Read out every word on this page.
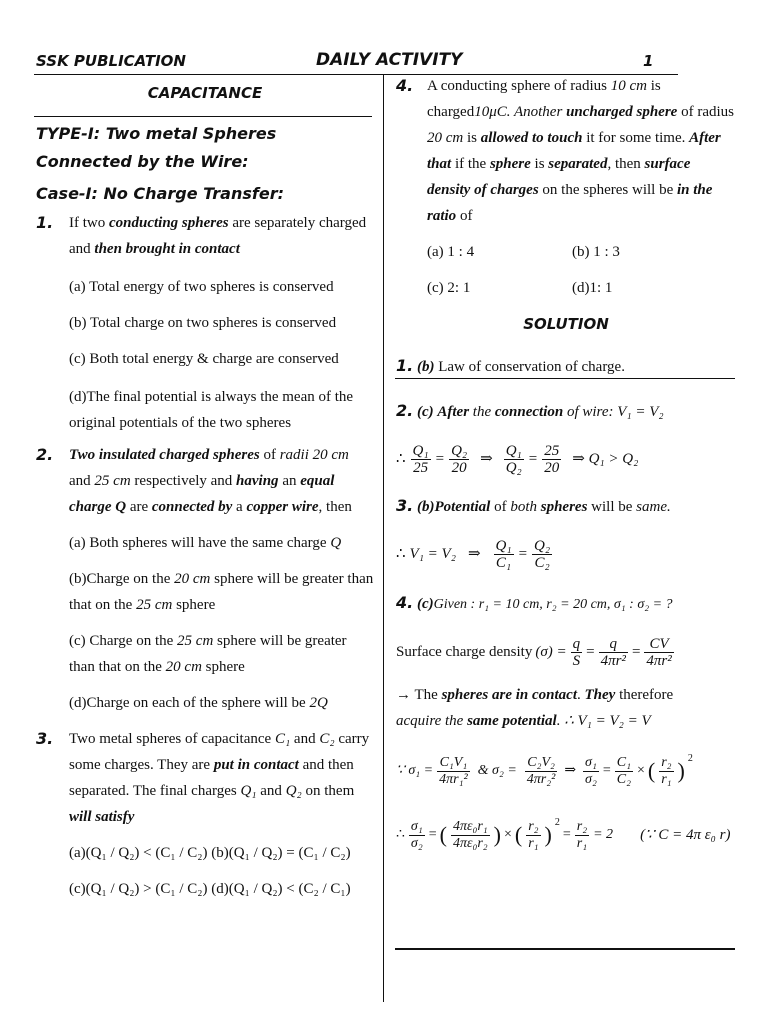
SSK PUBLICATION	DAILY ACTIVITY	1
CAPACITANCE
TYPE-I: Two metal Spheres Connected by the Wire:
Case-I: No Charge Transfer:
1. If two conducting spheres are separately charged and then brought in contact
(a) Total energy of two spheres is conserved
(b) Total charge on two spheres is conserved
(c) Both total energy & charge are conserved
(d)The final potential is always the mean of the original potentials of the two spheres
2. Two insulated charged spheres of radii 20 cm and 25 cm respectively and having an equal charge Q are connected by a copper wire, then
(a) Both spheres will have the same charge Q
(b)Charge on the 20 cm sphere will be greater than that on the 25 cm sphere
(c) Charge on the 25 cm sphere will be greater than that on the 20 cm sphere
(d)Charge on each of the sphere will be 2Q
3. Two metal spheres of capacitance C₁ and C₂ carry some charges. They are put in contact and then separated. The final charges Q₁ and Q₂ on them will satisfy
(a)(Q₁ / Q₂) < (C₁ / C₂) (b)(Q₁ / Q₂) = (C₁ / C₂)
(c)(Q₁ / Q₂) > (C₁ / C₂) (d)(Q₁ / Q₂) < (C₂ / C₁)
4. A conducting sphere of radius 10 cm is charged10μC. Another uncharged sphere of radius 20 cm is allowed to touch it for some time. After that if the sphere is separated, then surface density of charges on the spheres will be in the ratio of
(a) 1 : 4	(b) 1 : 3
(c) 2: 1	(d)1: 1
SOLUTION
1. (b) Law of conservation of charge.
2. (c) After the connection of wire: V₁ = V₂
∴ $\frac{\text{Q₁}}{25} = \frac{\text{Q₂}}{20}$ ⇒ $\frac{\text{Q₁}}{\text{Q₂}} = \frac{25}{20}$ ⇒ Q₁ > Q₂
3. (b)Potential of both spheres will be same.
∴ V₁ = V₂ ⇒ $\frac{\text{Q₁}}{\text{C₁}} = \frac{\text{Q₂}}{\text{C₂}}$
4. (c)Given : r₁ = 10 cm, r₂ = 20 cm, σ₁ : σ₂ = ?
Surface charge density $(\sigma) = \frac{q}{S} = \frac{q}{\text{4πr²}} = \frac{CV}{\text{4πr²}}$
→ The spheres are in contact. They therefore
acquire the same potential. ∴ V₁ = V₂ = V
∵ $\sigma_1 = \frac{\text{C₁V₁}}{\text{4πr₁²}}$ & $\sigma_2 = \frac{\text{C₂V₂}}{\text{4πr₂²}}$ ⇒ $\frac{\text{σ₁}}{\text{σ₂}} = \frac{\text{C₁}}{\text{C₂}}$ × ( $\frac{\text{r₂}}{\text{r₁}}$ ) $^2$
∴ $\frac{\text{σ₁}}{\text{σ₂}}$ = ( $\frac{\text{4πε₀r₁}}{\text{4πε₀r₂}}$ ) × ( $\frac{\text{r₂}}{\text{r₁}}$ ) $^2$
= $\frac{\text{r₂}}{\text{r₁}} = 2$ (∵ C = 4π ε₀ r)
